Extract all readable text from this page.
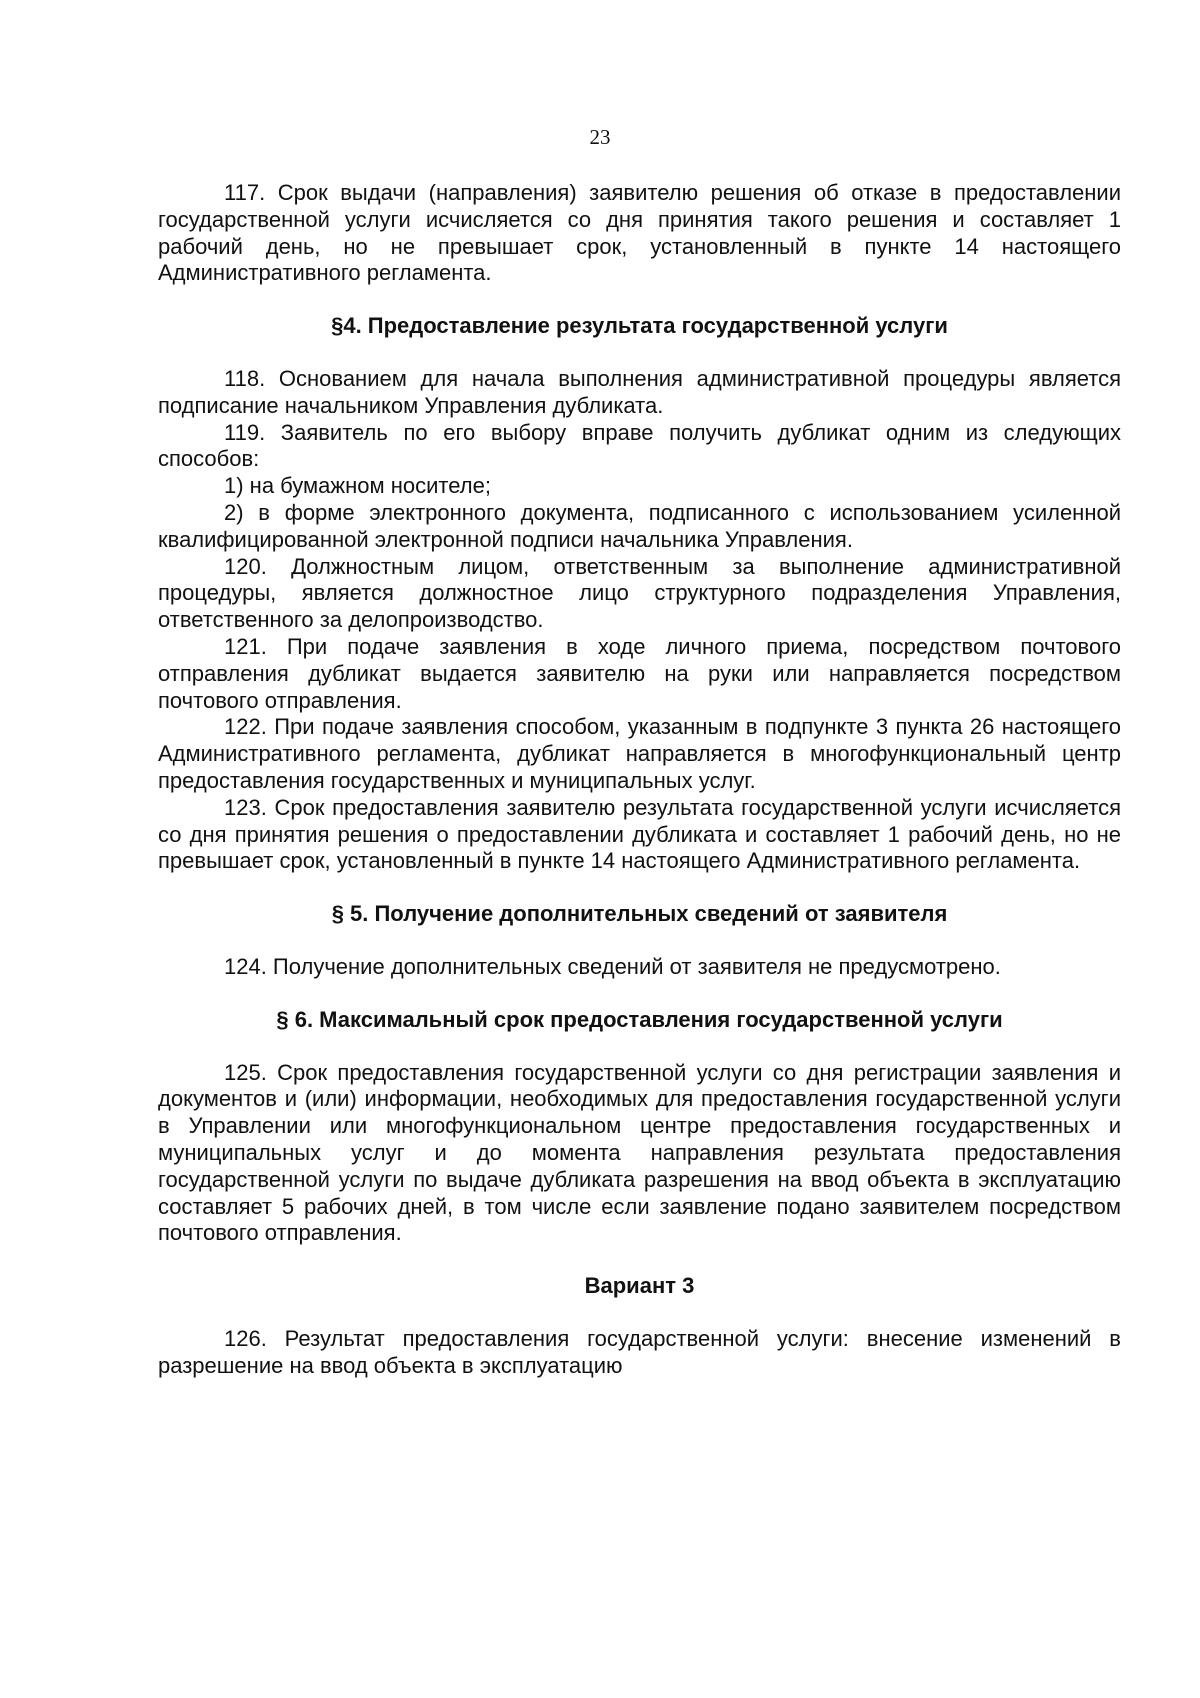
23

117. Срок выдачи (направления) заявителю решения об отказе в предоставлении государственной услуги исчисляется со дня принятия такого решения и составляет 1 рабочий день, но не превышает срок, установленный в пункте 14 настоящего Административного регламента.

§4. Предоставление результата государственной услуги

118. Основанием для начала выполнения административной процедуры является подписание начальником Управления дубликата.

119. Заявитель по его выбору вправе получить дубликат одним из следующих способов:

1) на бумажном носителе;

2) в форме электронного документа, подписанного с использованием усиленной квалифицированной электронной подписи начальника Управления.

120. Должностным лицом, ответственным за выполнение административной процедуры, является должностное лицо структурного подразделения Управления, ответственного за делопроизводство.

121. При подаче заявления в ходе личного приема, посредством почтового отправления дубликат выдается заявителю на руки или направляется посредством почтового отправления.

122. При подаче заявления способом, указанным в подпункте 3 пункта 26 настоящего Административного регламента, дубликат направляется в многофункциональный центр предоставления государственных и муниципальных услуг.

123. Срок предоставления заявителю результата государственной услуги исчисляется со дня принятия решения о предоставлении дубликата и составляет 1 рабочий день, но не превышает срок, установленный в пункте 14 настоящего Административного регламента.

§ 5. Получение дополнительных сведений от заявителя

124. Получение дополнительных сведений от заявителя не предусмотрено.

§ 6. Максимальный срок предоставления государственной услуги

125. Срок предоставления государственной услуги со дня регистрации заявления и документов и (или) информации, необходимых для предоставления государственной услуги в Управлении или многофункциональном центре предоставления государственных и муниципальных услуг и до момента направления результата предоставления государственной услуги по выдаче дубликата разрешения на ввод объекта в эксплуатацию составляет 5 рабочих дней, в том числе если заявление подано заявителем посредством почтового отправления.

Вариант 3

126. Результат предоставления государственной услуги: внесение изменений в разрешение на ввод объекта в эксплуатацию
